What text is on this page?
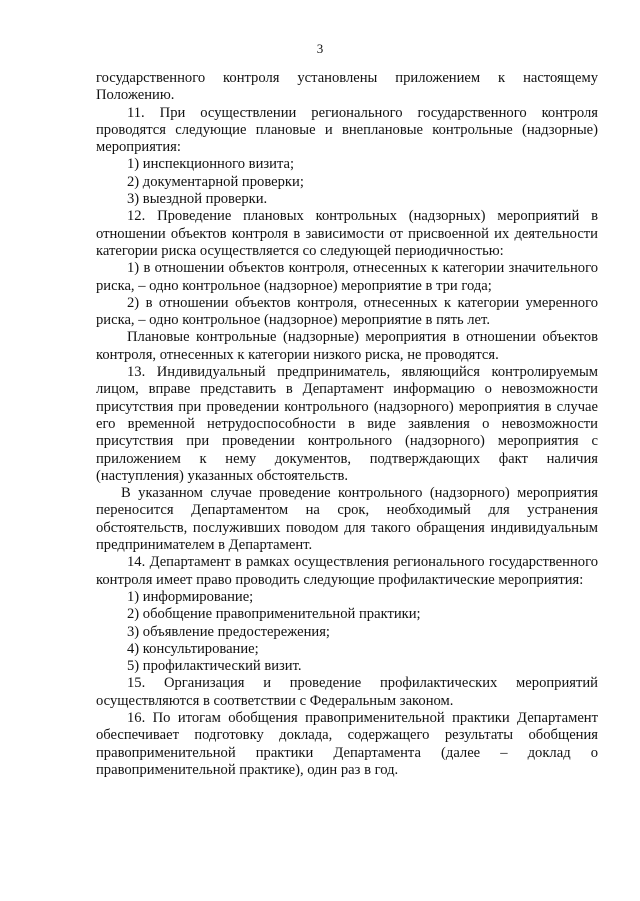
3

государственного контроля установлены приложением к настоящему Положению.

11. При осуществлении регионального государственного контроля проводятся следующие плановые и внеплановые контрольные (надзорные) мероприятия:

1) инспекционного визита;

2) документарной проверки;

3) выездной проверки.

12. Проведение плановых контрольных (надзорных) мероприятий в отношении объектов контроля в зависимости от присвоенной их деятельности категории риска осуществляется со следующей периодичностью:

1) в отношении объектов контроля, отнесенных к категории значительного риска, – одно контрольное (надзорное) мероприятие в три года;

2) в отношении объектов контроля, отнесенных к категории умеренного риска, – одно контрольное (надзорное) мероприятие в пять лет.

Плановые контрольные (надзорные) мероприятия в отношении объектов контроля, отнесенных к категории низкого риска, не проводятся.

13. Индивидуальный предприниматель, являющийся контролируемым лицом, вправе представить в Департамент информацию о невозможности присутствия при проведении контрольного (надзорного) мероприятия в случае его временной нетрудоспособности в виде заявления о невозможности присутствия при проведении контрольного (надзорного) мероприятия с приложением к нему документов, подтверждающих факт наличия (наступления) указанных обстоятельств.

В указанном случае проведение контрольного (надзорного) мероприятия переносится Департаментом на срок, необходимый для устранения обстоятельств, послуживших поводом для такого обращения индивидуальным предпринимателем в Департамент.

14. Департамент в рамках осуществления регионального государственного контроля имеет право проводить следующие профилактические мероприятия:

1) информирование;

2) обобщение правоприменительной практики;

3) объявление предостережения;

4) консультирование;

5) профилактический визит.

15. Организация и проведение профилактических мероприятий осуществляются в соответствии с Федеральным законом.

16. По итогам обобщения правоприменительной практики Департамент обеспечивает подготовку доклада, содержащего результаты обобщения правоприменительной практики Департамента (далее – доклад о правоприменительной практике), один раз в год.
